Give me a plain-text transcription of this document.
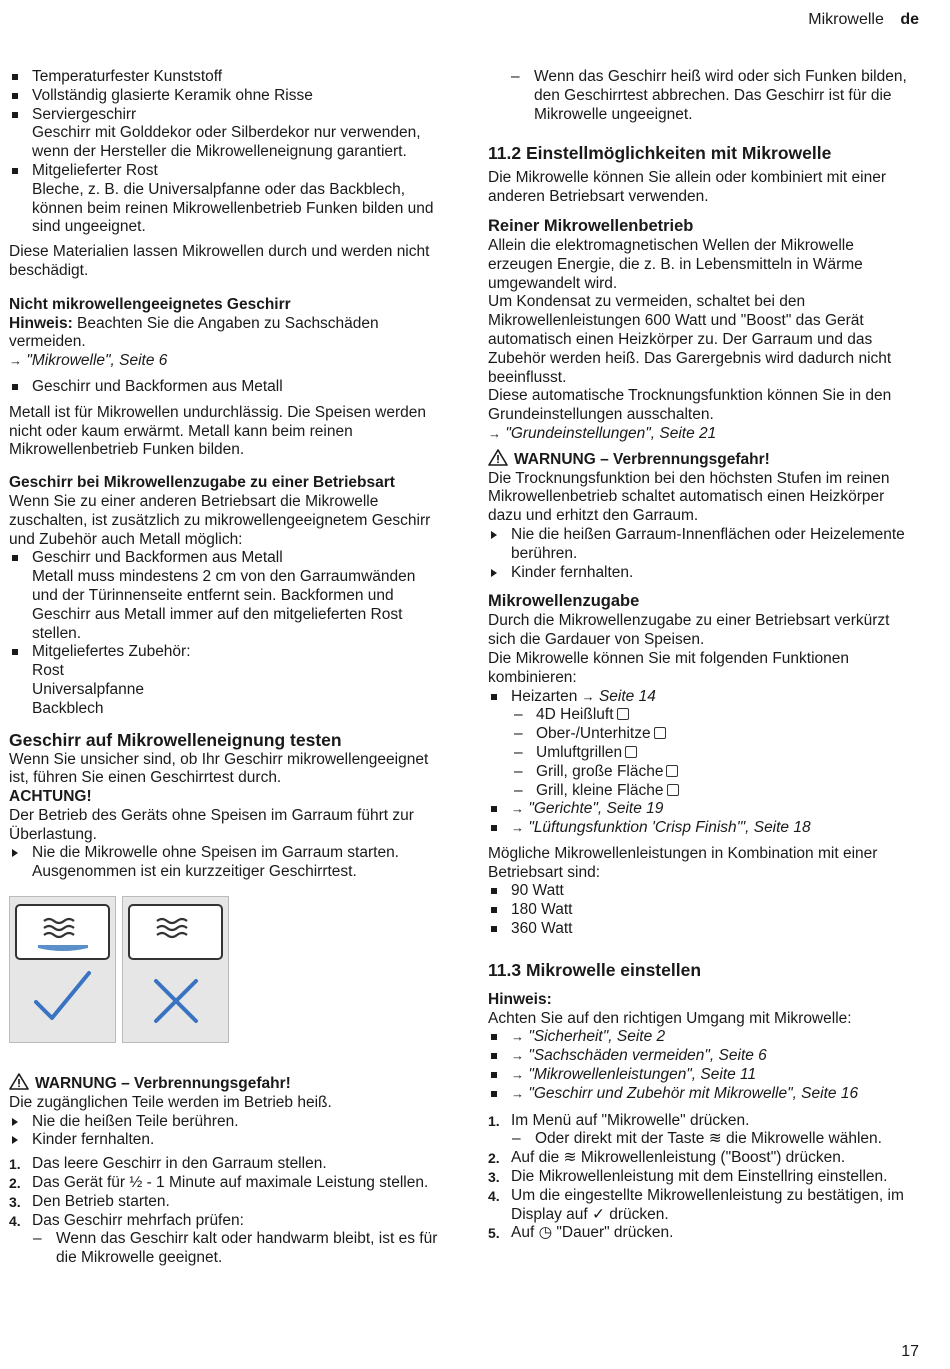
Mikrowelle de
Temperaturfester Kunststoff
Vollständig glasierte Keramik ohne Risse
Serviergeschirr
Geschirr mit Golddekor oder Silberdekor nur verwenden, wenn der Hersteller die Mikrowelleneignung garantiert.
Mitgelieferter Rost
Bleche, z. B. die Universalpfanne oder das Backblech, können beim reinen Mikrowellenbetrieb Funken bilden und sind ungeeignet.

Diese Materialien lassen Mikrowellen durch und werden nicht beschädigt.

Nicht mikrowellengeeignetes Geschirr

Hinweis: Beachten Sie die Angaben zu Sachschäden vermeiden.

→ "Mikrowelle", Seite 6

Geschirr und Backformen aus Metall

Metall ist für Mikrowellen undurchlässig. Die Speisen werden nicht oder kaum erwärmt. Metall kann beim reinen Mikrowellenbetrieb Funken bilden.

Geschirr bei Mikrowellenzugabe zu einer Betriebsart

Wenn Sie zu einer anderen Betriebsart die Mikrowelle zuschalten, ist zusätzlich zu mikrowellengeeignetem Geschirr und Zubehör auch Metall möglich:

Geschirr und Backformen aus Metall
Metall muss mindestens 2 cm von den Garraumwänden und der Türinnenseite entfernt sein. Backformen und Geschirr aus Metall immer auf den mitgelieferten Rost stellen.
Mitgeliefertes Zubehör:
Rost
Universalpfanne
Backblech
Geschirr auf Mikrowelleneignung testen

Wenn Sie unsicher sind, ob Ihr Geschirr mikrowellengeeignet ist, führen Sie einen Geschirrtest durch.

ACHTUNG!

Der Betrieb des Geräts ohne Speisen im Garraum führt zur Überlastung.

Nie die Mikrowelle ohne Speisen im Garraum starten. Ausgenommen ist ein kurzzeitiger Geschirrtest.

WARNUNG – Verbrennungsgefahr!

Die zugänglichen Teile werden im Betrieb heiß.

Nie die heißen Teile berühren.
Kinder fernhalten.
1. Das leere Geschirr in den Garraum stellen.
2. Das Gerät für ½ - 1 Minute auf maximale Leistung stellen.
3. Den Betrieb starten.
4. Das Geschirr mehrfach prüfen:
– Wenn das Geschirr kalt oder handwarm bleibt, ist es für die Mikrowelle geeignet.
– Wenn das Geschirr heiß wird oder sich Funken bilden, den Geschirrtest abbrechen. Das Geschirr ist für die Mikrowelle ungeeignet.
11.2 Einstellmöglichkeiten mit Mikrowelle

Die Mikrowelle können Sie allein oder kombiniert mit einer anderen Betriebsart verwenden.

Reiner Mikrowellenbetrieb

Allein die elektromagnetischen Wellen der Mikrowelle erzeugen Energie, die z. B. in Lebensmitteln in Wärme umgewandelt wird.

Um Kondensat zu vermeiden, schaltet bei den Mikrowellenleistungen 600 Watt und "Boost" das Gerät automatisch einen Heizkörper zu. Der Garraum und das Zubehör werden heiß. Das Garergebnis wird dadurch nicht beeinflusst.

Diese automatische Trocknungsfunktion können Sie in den Grundeinstellungen ausschalten.

→ "Grundeinstellungen", Seite 21

WARNUNG – Verbrennungsgefahr!

Die Trocknungsfunktion bei den höchsten Stufen im reinen Mikrowellenbetrieb schaltet automatisch einen Heizkörper dazu und erhitzt den Garraum.

Nie die heißen Garraum-Innenflächen oder Heizelemente berühren.
Kinder fernhalten.
Mikrowellenzugabe

Durch die Mikrowellenzugabe zu einer Betriebsart verkürzt sich die Gardauer von Speisen.

Die Mikrowelle können Sie mit folgenden Funktionen kombinieren:

Heizarten → Seite 14
– 4D Heißluft
– Ober-/Unterhitze
– Umluftgrillen
– Grill, große Fläche
– Grill, kleine Fläche
→ "Gerichte", Seite 19
→ "Lüftungsfunktion 'Crisp Finish'", Seite 18

Mögliche Mikrowellenleistungen in Kombination mit einer Betriebsart sind:

90 Watt
180 Watt
360 Watt
11.3 Mikrowelle einstellen

Hinweis:

Achten Sie auf den richtigen Umgang mit Mikrowelle:

→ "Sicherheit", Seite 2
→ "Sachschäden vermeiden", Seite 6
→ "Mikrowellenleistungen", Seite 11
→ "Geschirr und Zubehör mit Mikrowelle", Seite 16
1. Im Menü auf "Mikrowelle" drücken.
– Oder direkt mit der Taste ≋ die Mikrowelle wählen.
2. Auf die ≋ Mikrowellenleistung ("Boost") drücken.
3. Die Mikrowellenleistung mit dem Einstellring einstellen.
4. Um die eingestellte Mikrowellenleistung zu bestätigen, im Display auf ✓ drücken.
5. Auf ◷ "Dauer" drücken.
17
